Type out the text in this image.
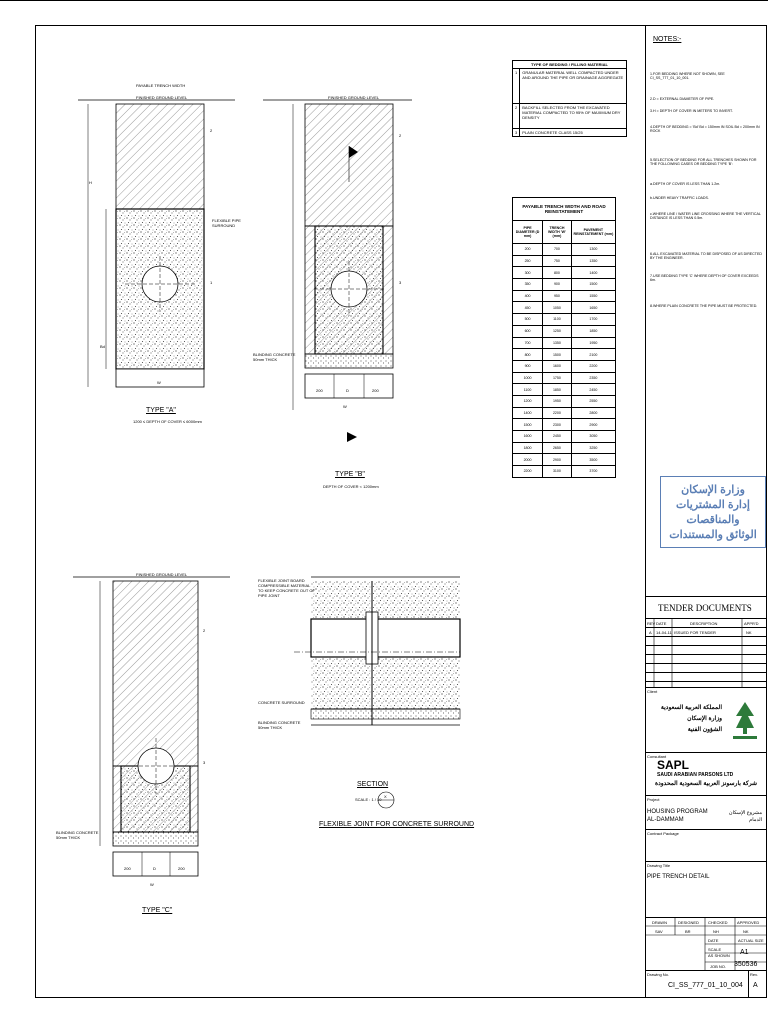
PAYABLE TRENCH WIDTH
FINISHED GROUND LEVEL	FINISHED GROUND LEVEL
FINISHED GROUND LEVEL
FLEXIBLE PIPE SURROUND
BLINDING CONCRETE 50mm THICK
BLINDING CONCRETE 50mm THICK
FLEXIBLE JOINT BOARD COMPRESSIBLE MATERIAL TO KEEP CONCRETE OUT OF PIPE JOINT
CONCRETE SURROUND
BLINDING CONCRETE 50mm THICK
H
W
W
W
200	D	200
200	D	200
Bd
2
1
2
3
2
3
TYPE "A"
1200 ≤ DEPTH OF COVER ≤ 6000mm
TYPE "B"
DEPTH OF COVER < 1200mm
TYPE "C"
SECTION
SCALE : 1 / 10
X
FLEXIBLE JOINT FOR CONCRETE SURROUND
TYPE OF BEDDING / FILLING MATERIAL	
1	GRANULAR MATERIAL WELL COMPACTED UNDER AND AROUND THE PIPE OR DRAINAGE AGGREGATE
2	BACKFILL SELECTED FROM THE EXCAVATED MATERIAL COMPACTED TO 95% OF MAXIMUM DRY DENSITY
3	PLAIN CONCRETE CLASS 15/25
PAYABLE TRENCH WIDTH AND ROAD REINSTATEMENT		
PIPE DIAMETER (D mm)	TRENCH WIDTH 'W' (mm)	PAVEMENT REINSTATEMENT (mm)
200	700	1300
250	750	1350
300	800	1400
350	900	1500
400	950	1550
450	1050	1650
500	1100	1700
600	1250	1850
700	1350	1950
800	1500	2100
900	1600	2200
1000	1750	2350
1100	1850	2450
1200	1950	2550
1400	2200	2800
1500	2300	2900
1600	2450	3050
1800	2650	3250
2000	2900	3500
2200	3100	3700
NOTES:-
1.FOR BEDDING WHERE NOT SHOWN, SEE CI_SS_777_01_10_001.
2.D = EXTERNAL DIAMETER OF PIPE.
3.H = DEPTH OF COVER IN METERS TO INVERT.
4.DEPTH OF BEDDING = 'Bd' Bd = 150mm IN SOIL Bd = 200mm IN ROCK
5.SELECTION OF BEDDING FOR ALL TRENCHES SHOWN FOR THE FOLLOWING CASES OR BEDDING TYPE 'B':
a.DEPTH OF COVER IS LESS THAN 1.2m.
b.UNDER HEAVY TRAFFIC LOADS.
c.WHERE LINE / WATER LINE CROSSING WHERE THE VERTICAL DISTANCE IS LESS THAN 0.5m.
6.ALL EXCAVATED MATERIAL TO BE DISPOSED OF AS DIRECTED BY THE ENGINEER.
7.USE BEDDING TYPE 'C' WHERE DEPTH OF COVER EXCEEDS 6m.
8.WHERE PLAIN CONCRETE THE PIPE MUST BE PROTECTED.
وزارة الإسكان
إدارة المشتريات والمناقصات
الوثائق والمستندات
TENDER DOCUMENTS
REV DATE	DESCRIPTION	APPR'D
A 14-04-11 ISSUED FOR TENDER	NK
Client
المملكة العربية السعودية
وزارة الإسكان
الشؤون الفنية
Consultant
SAPL
SAUDI ARABIAN PARSONS LTD
شركة بارسونز العربية السعودية المحدودة
Project
HOUSING PROGRAM
AL-DAMMAM
مشروع الإسكان
الدمام
Contract Package
Drawing Title
PIPE TRENCH DETAIL
DRAWN	DESIGNED CHECKED APPROVED
SAV	BR	NH	NK
DATE
SCALE
AS SHOWN
ACTUAL SIZE
A1
JOB NO. 350536
Drawing No.
CI_SS_777_01_10_004
Rev.
A
